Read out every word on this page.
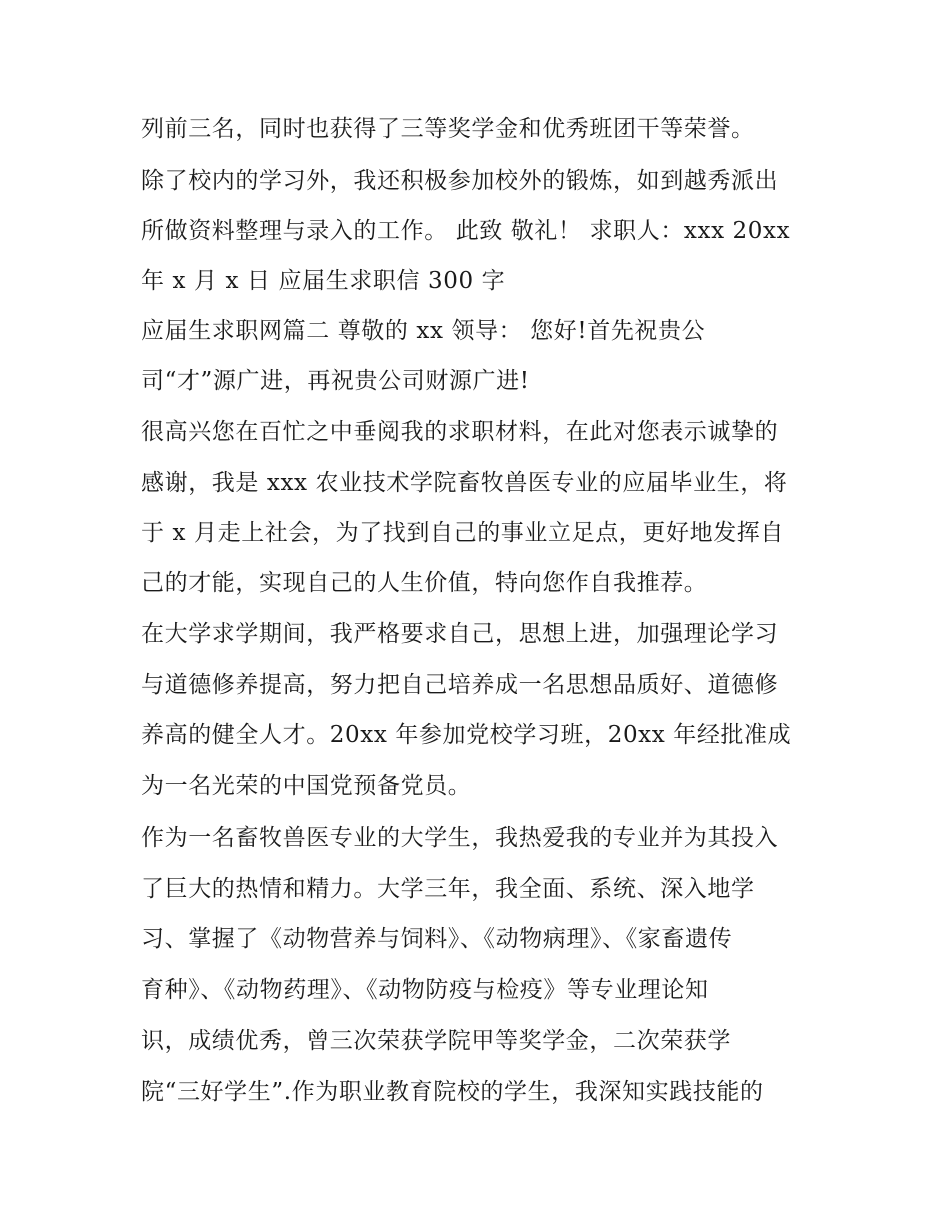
列前三名，同时也获得了三等奖学金和优秀班团干等荣誉。
除了校内的学习外，我还积极参加校外的锻炼，如到越秀派出
所做资料整理与录入的工作。 此致 敬礼！ 求职人：xxx 20xx
年 x 月 x 日 应届生求职信 300 字
应届生求职网篇二 尊敬的 xx 领导： 您好!首先祝贵公
司“才”源广进，再祝贵公司财源广进!
很高兴您在百忙之中垂阅我的求职材料，在此对您表示诚挚的
感谢，我是 xxx 农业技术学院畜牧兽医专业的应届毕业生，将
于 x 月走上社会，为了找到自己的事业立足点，更好地发挥自
己的才能，实现自己的人生价值，特向您作自我推荐。
在大学求学期间，我严格要求自己，思想上进，加强理论学习
与道德修养提高，努力把自己培养成一名思想品质好、道德修
养高的健全人才。20xx 年参加党校学习班，20xx 年经批准成
为一名光荣的中国党预备党员。
作为一名畜牧兽医专业的大学生，我热爱我的专业并为其投入
了巨大的热情和精力。大学三年，我全面、系统、深入地学
习、掌握了《动物营养与饲料》、《动物病理》、《家畜遗传
育种》、《动物药理》、《动物防疫与检疫》等专业理论知
识，成绩优秀，曾三次荣获学院甲等奖学金，二次荣获学
院“三好学生”.作为职业教育院校的学生，我深知实践技能的
